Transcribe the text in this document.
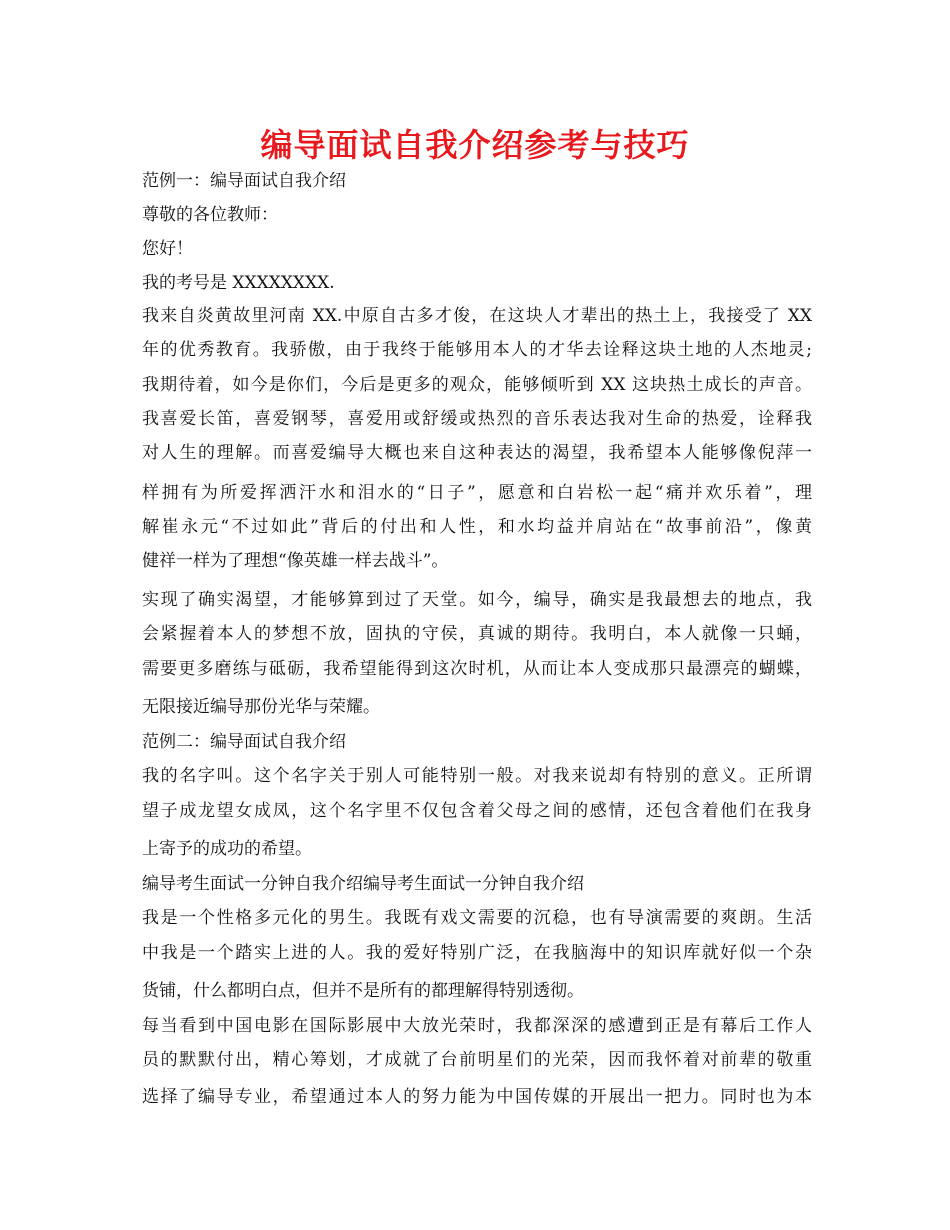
编导面试自我介绍参考与技巧

范例一：编导面试自我介绍

尊敬的各位教师：

您好！

我的考号是 XXXXXXXX.

我来自炎黄故里河南 XX.中原自古多才俊，在这块人才辈出的热土上，我接受了 XX

年的优秀教育。我骄傲，由于我终于能够用本人的才华去诠释这块土地的人杰地灵;

我期待着，如今是你们，今后是更多的观众，能够倾听到 XX 这块热土成长的声音。

我喜爱长笛，喜爱钢琴，喜爱用或舒缓或热烈的音乐表达我对生命的热爱，诠释我

对人生的理解。而喜爱编导大概也来自这种表达的渴望，我希望本人能够像倪萍一

样拥有为所爱挥洒汗水和泪水的“日子”，愿意和白岩松一起“痛并欢乐着”，理

解崔永元“不过如此”背后的付出和人性，和水均益并肩站在“故事前沿”，像黄

健祥一样为了理想“像英雄一样去战斗”。

实现了确实渴望，才能够算到过了天堂。如今，编导，确实是我最想去的地点，我

会紧握着本人的梦想不放，固执的守侯，真诚的期待。我明白，本人就像一只蛹，

需要更多磨练与砥砺，我希望能得到这次时机，从而让本人变成那只最漂亮的蝴蝶，

无限接近编导那份光华与荣耀。

范例二：编导面试自我介绍

我的名字叫。这个名字关于别人可能特别一般。对我来说却有特别的意义。正所谓

望子成龙望女成凤，这个名字里不仅包含着父母之间的感情，还包含着他们在我身

上寄予的成功的希望。

编导考生面试一分钟自我介绍编导考生面试一分钟自我介绍

我是一个性格多元化的男生。我既有戏文需要的沉稳，也有导演需要的爽朗。生活

中我是一个踏实上进的人。我的爱好特别广泛，在我脑海中的知识库就好似一个杂

货铺，什么都明白点，但并不是所有的都理解得特别透彻。

每当看到中国电影在国际影展中大放光荣时，我都深深的感遭到正是有幕后工作人

员的默默付出，精心筹划，才成就了台前明星们的光荣，因而我怀着对前辈的敬重

选择了编导专业，希望通过本人的努力能为中国传媒的开展出一把力。同时也为本
